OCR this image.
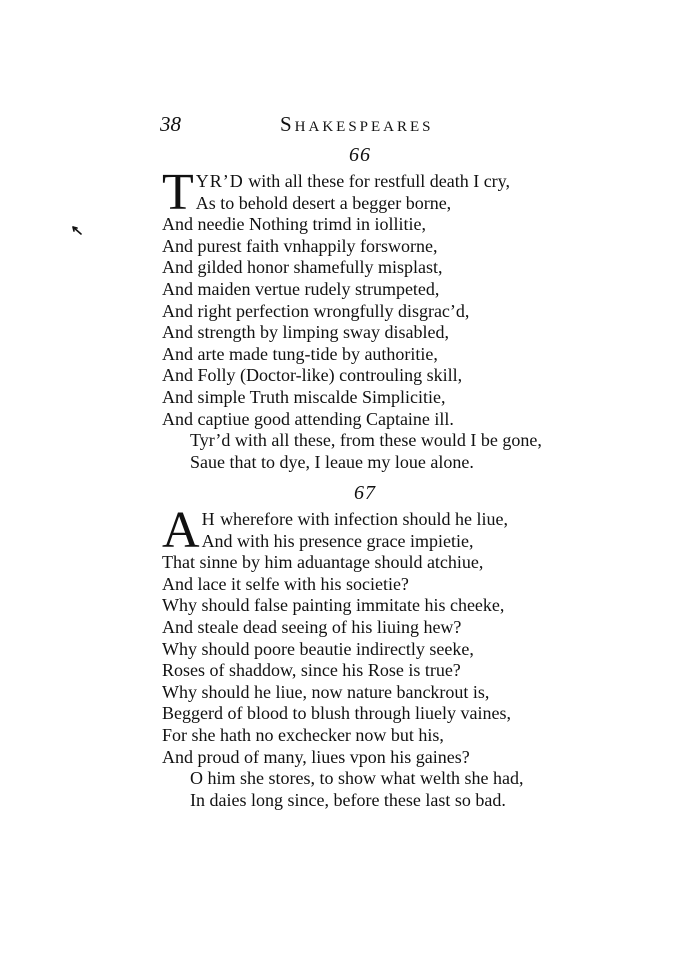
38	Shakespeares
66
TYR’D with all these for restfull death I cry,
As to behold desert a begger borne,
And needie Nothing trimd in iollitie,
And purest faith vnhappily forsworne,
And gilded honor shamefully misplast,
And maiden vertue rudely strumpeted,
And right perfection wrongfully disgrac’d,
And strength by limping sway disabled,
And arte made tung-tide by authoritie,
And Folly (Doctor-like) controuling skill,
And simple Truth miscalde Simplicitie,
And captiue good attending Captaine ill.
Tyr’d with all these, from these would I be gone,
Saue that to dye, I leaue my loue alone.
67
A H wherefore with infection should he liue,
And with his presence grace impietie,
That sinne by him aduantage should atchiue,
And lace it selfe with his societie?
Why should false painting immitate his cheeke,
And steale dead seeing of his liuing hew?
Why should poore beautie indirectly seeke,
Roses of shaddow, since his Rose is true?
Why should he liue, now nature banckrout is,
Beggerd of blood to blush through liuely vaines,
For she hath no exchecker now but his,
And proud of many, liues vpon his gaines?
O him she stores, to show what welth she had,
In daies long since, before these last so bad.
